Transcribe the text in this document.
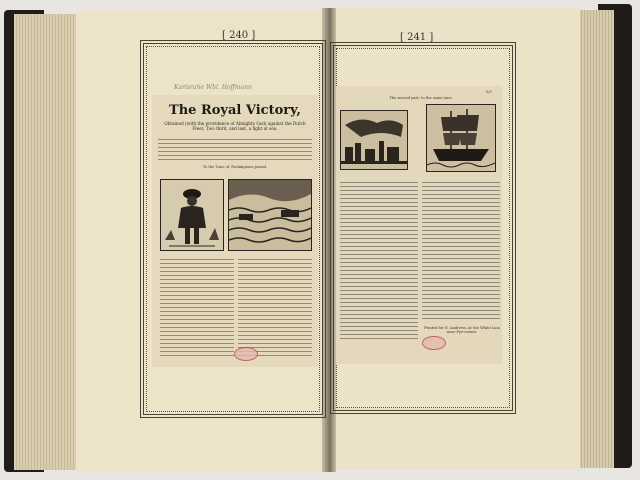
[ 240 ]	[ 241 ]
The Royal Victory,
Obtained (with the providence of Almighty God) against the Dutch Fleet, Two third, and last, a fight at sea.
To the Tune of, Packingtons pound.
Karlsruhe Wbl. Hoffmann
The second part, to the same tune.
3/5
Printed for E. Andrews, at the White Lion near Pye-corner.
